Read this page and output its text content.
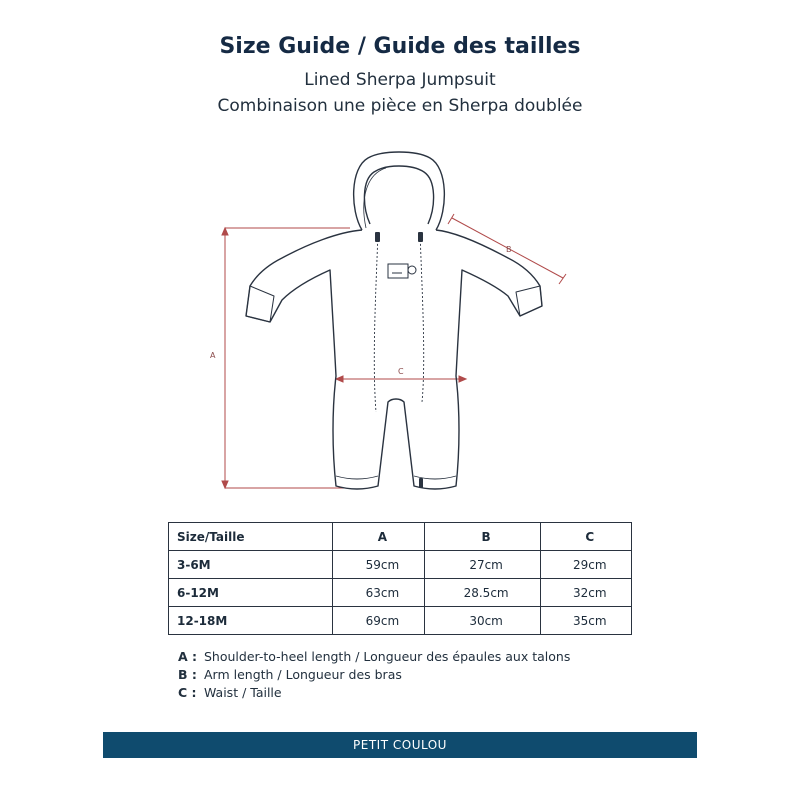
Size Guide / Guide des tailles
Lined Sherpa Jumpsuit
Combinaison une pièce en Sherpa doublée
A
B
C
Size/Taille	A	B	C
3-6M	59cm	27cm	29cm
6-12M	63cm	28.5cm	32cm
12-18M	69cm	30cm	35cm
A : Shoulder-to-heel length / Longueur des épaules aux talons
B : Arm length / Longueur des bras
C : Waist / Taille
PETIT COULOU
